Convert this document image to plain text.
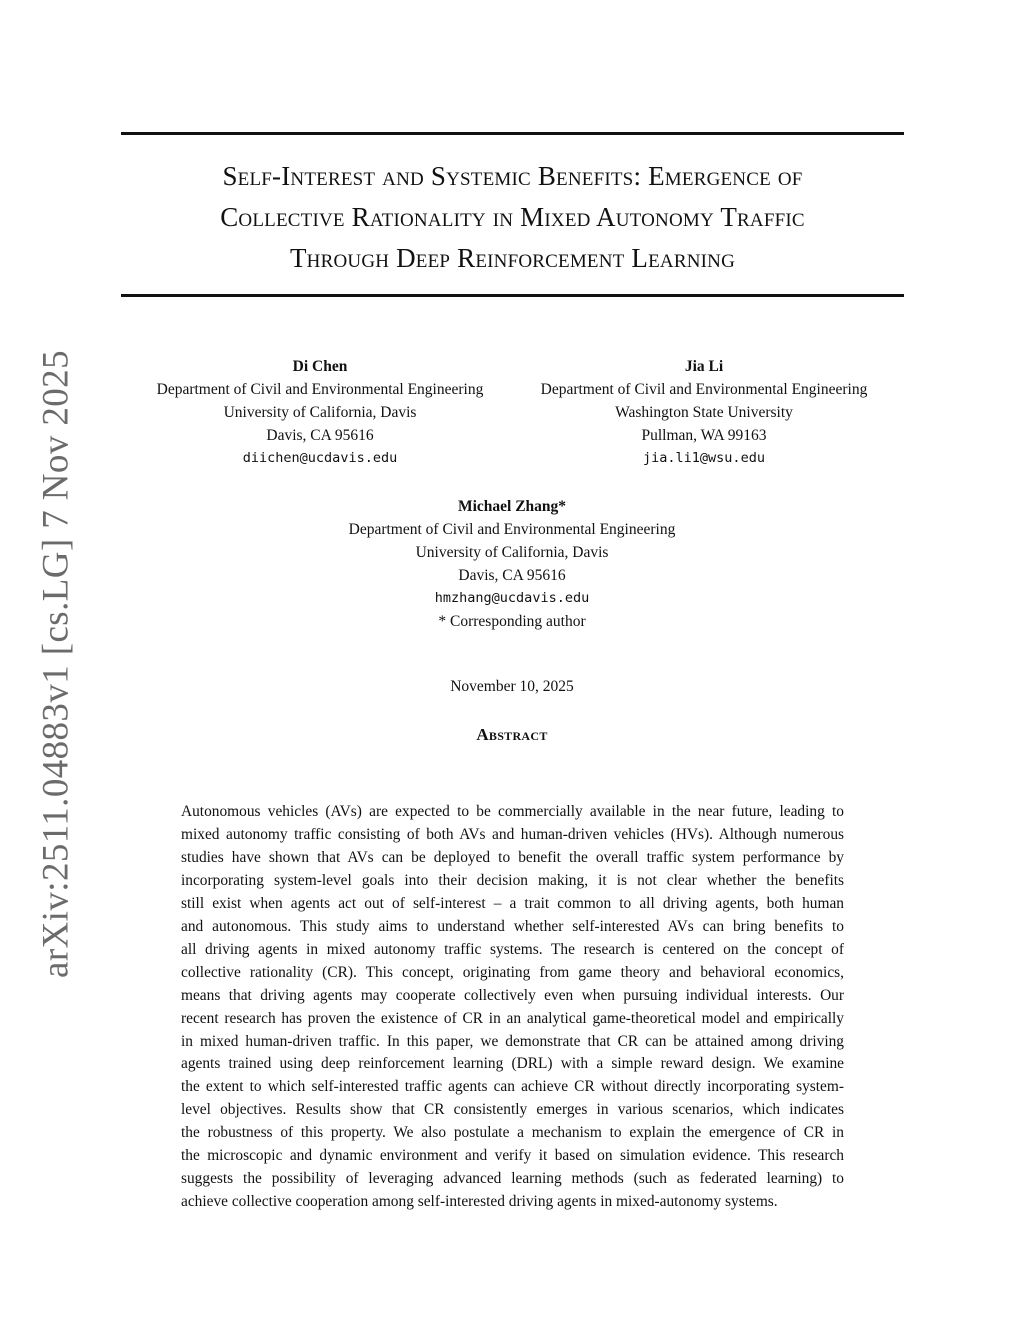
arXiv:2511.04883v1 [cs.LG] 7 Nov 2025
Self-Interest and Systemic Benefits: Emergence of
Collective Rationality in Mixed Autonomy Traffic
Through Deep Reinforcement Learning
Di Chen
Department of Civil and Environmental Engineering
University of California, Davis
Davis, CA 95616
diichen@ucdavis.edu
Jia Li
Department of Civil and Environmental Engineering
Washington State University
Pullman, WA 99163
jia.li1@wsu.edu
Michael Zhang*
Department of Civil and Environmental Engineering
University of California, Davis
Davis, CA 95616
hmzhang@ucdavis.edu
* Corresponding author
November 10, 2025
Abstract
Autonomous vehicles (AVs) are expected to be commercially available in the near future, leading to
mixed autonomy traffic consisting of both AVs and human-driven vehicles (HVs). Although numerous
studies have shown that AVs can be deployed to benefit the overall traffic system performance by
incorporating system-level goals into their decision making, it is not clear whether the benefits
still exist when agents act out of self-interest – a trait common to all driving agents, both human
and autonomous. This study aims to understand whether self-interested AVs can bring benefits to
all driving agents in mixed autonomy traffic systems. The research is centered on the concept of
collective rationality (CR). This concept, originating from game theory and behavioral economics,
means that driving agents may cooperate collectively even when pursuing individual interests. Our
recent research has proven the existence of CR in an analytical game-theoretical model and empirically
in mixed human-driven traffic. In this paper, we demonstrate that CR can be attained among driving
agents trained using deep reinforcement learning (DRL) with a simple reward design. We examine
the extent to which self-interested traffic agents can achieve CR without directly incorporating system-
level objectives. Results show that CR consistently emerges in various scenarios, which indicates
the robustness of this property. We also postulate a mechanism to explain the emergence of CR in
the microscopic and dynamic environment and verify it based on simulation evidence. This research
suggests the possibility of leveraging advanced learning methods (such as federated learning) to
achieve collective cooperation among self-interested driving agents in mixed-autonomy systems.
